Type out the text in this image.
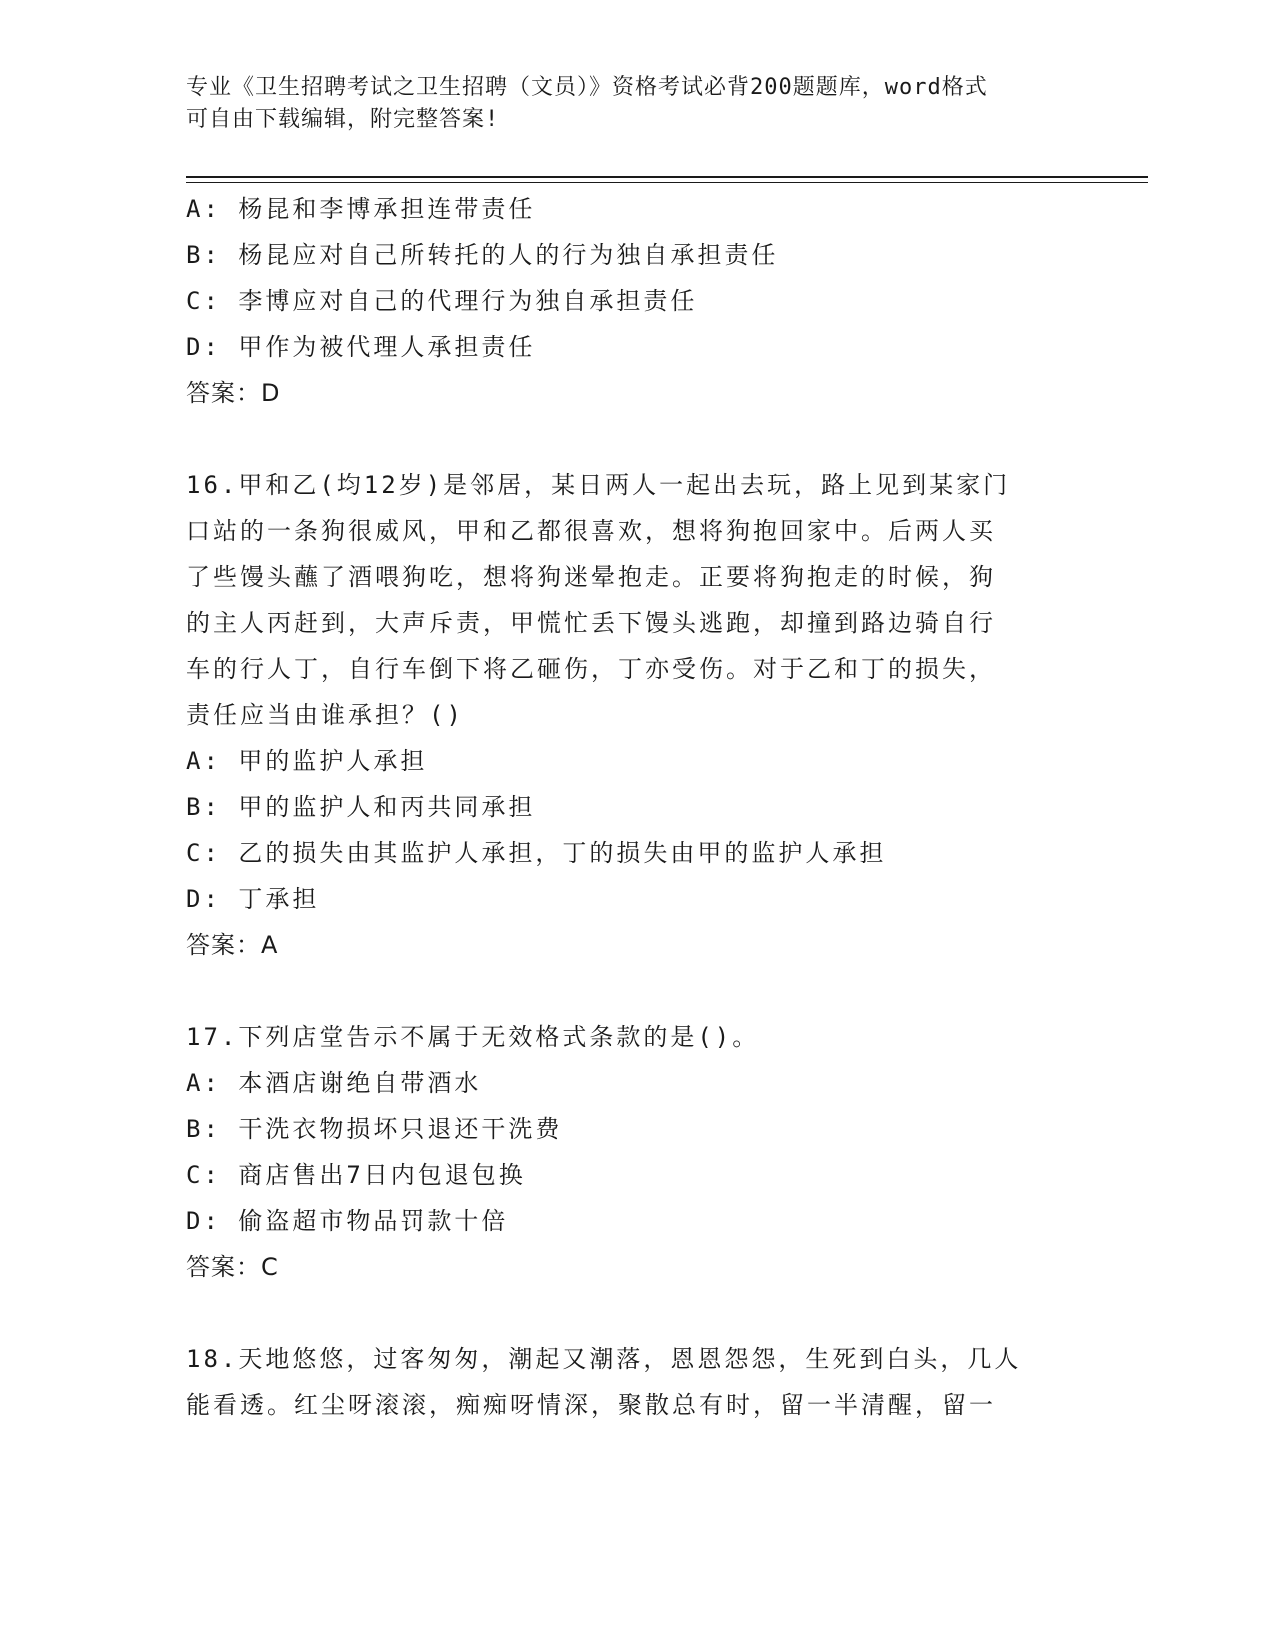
专业《卫生招聘考试之卫生招聘（文员）》资格考试必背200题题库，word格式
可自由下载编辑，附完整答案!
A: 杨昆和李博承担连带责任
B: 杨昆应对自己所转托的人的行为独自承担责任
C: 李博应对自己的代理行为独自承担责任
D: 甲作为被代理人承担责任
答案：D
16.甲和乙(均12岁)是邻居，某日两人一起出去玩，路上见到某家门
口站的一条狗很威风，甲和乙都很喜欢，想将狗抱回家中。后两人买
了些馒头蘸了酒喂狗吃，想将狗迷晕抱走。正要将狗抱走的时候，狗
的主人丙赶到，大声斥责，甲慌忙丢下馒头逃跑，却撞到路边骑自行
车的行人丁，自行车倒下将乙砸伤，丁亦受伤。对于乙和丁的损失，
责任应当由谁承担？()
A: 甲的监护人承担
B: 甲的监护人和丙共同承担
C: 乙的损失由其监护人承担，丁的损失由甲的监护人承担
D: 丁承担
答案：A
17.下列店堂告示不属于无效格式条款的是()。
A: 本酒店谢绝自带酒水
B: 干洗衣物损坏只退还干洗费
C: 商店售出7日内包退包换
D: 偷盗超市物品罚款十倍
答案：C
18.天地悠悠，过客匆匆，潮起又潮落，恩恩怨怨，生死到白头，几人
能看透。红尘呀滚滚，痴痴呀情深，聚散总有时，留一半清醒，留一
